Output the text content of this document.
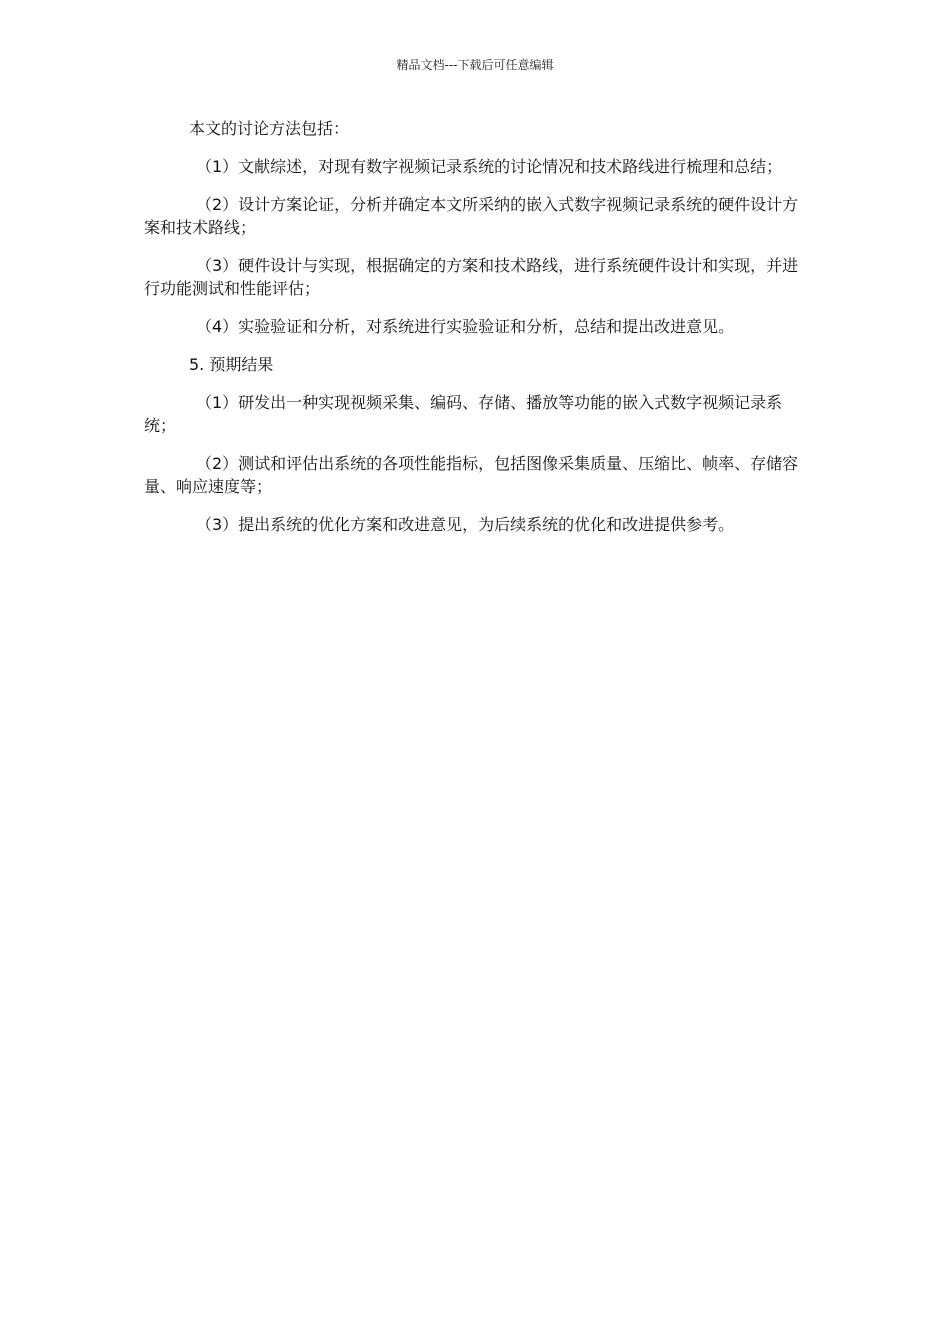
精品文档---下载后可任意编辑

本文的讨论方法包括：

（1）文献综述，对现有数字视频记录系统的讨论情况和技术路线进行梳理和总结；

（2）设计方案论证，分析并确定本文所采纳的嵌入式数字视频记录系统的硬件设计方案和技术路线；

（3）硬件设计与实现，根据确定的方案和技术路线，进行系统硬件设计和实现，并进行功能测试和性能评估；

（4）实验验证和分析，对系统进行实验验证和分析，总结和提出改进意见。

5. 预期结果

（1）研发出一种实现视频采集、编码、存储、播放等功能的嵌入式数字视频记录系统；

（2）测试和评估出系统的各项性能指标，包括图像采集质量、压缩比、帧率、存储容量、响应速度等；

（3）提出系统的优化方案和改进意见，为后续系统的优化和改进提供参考。
